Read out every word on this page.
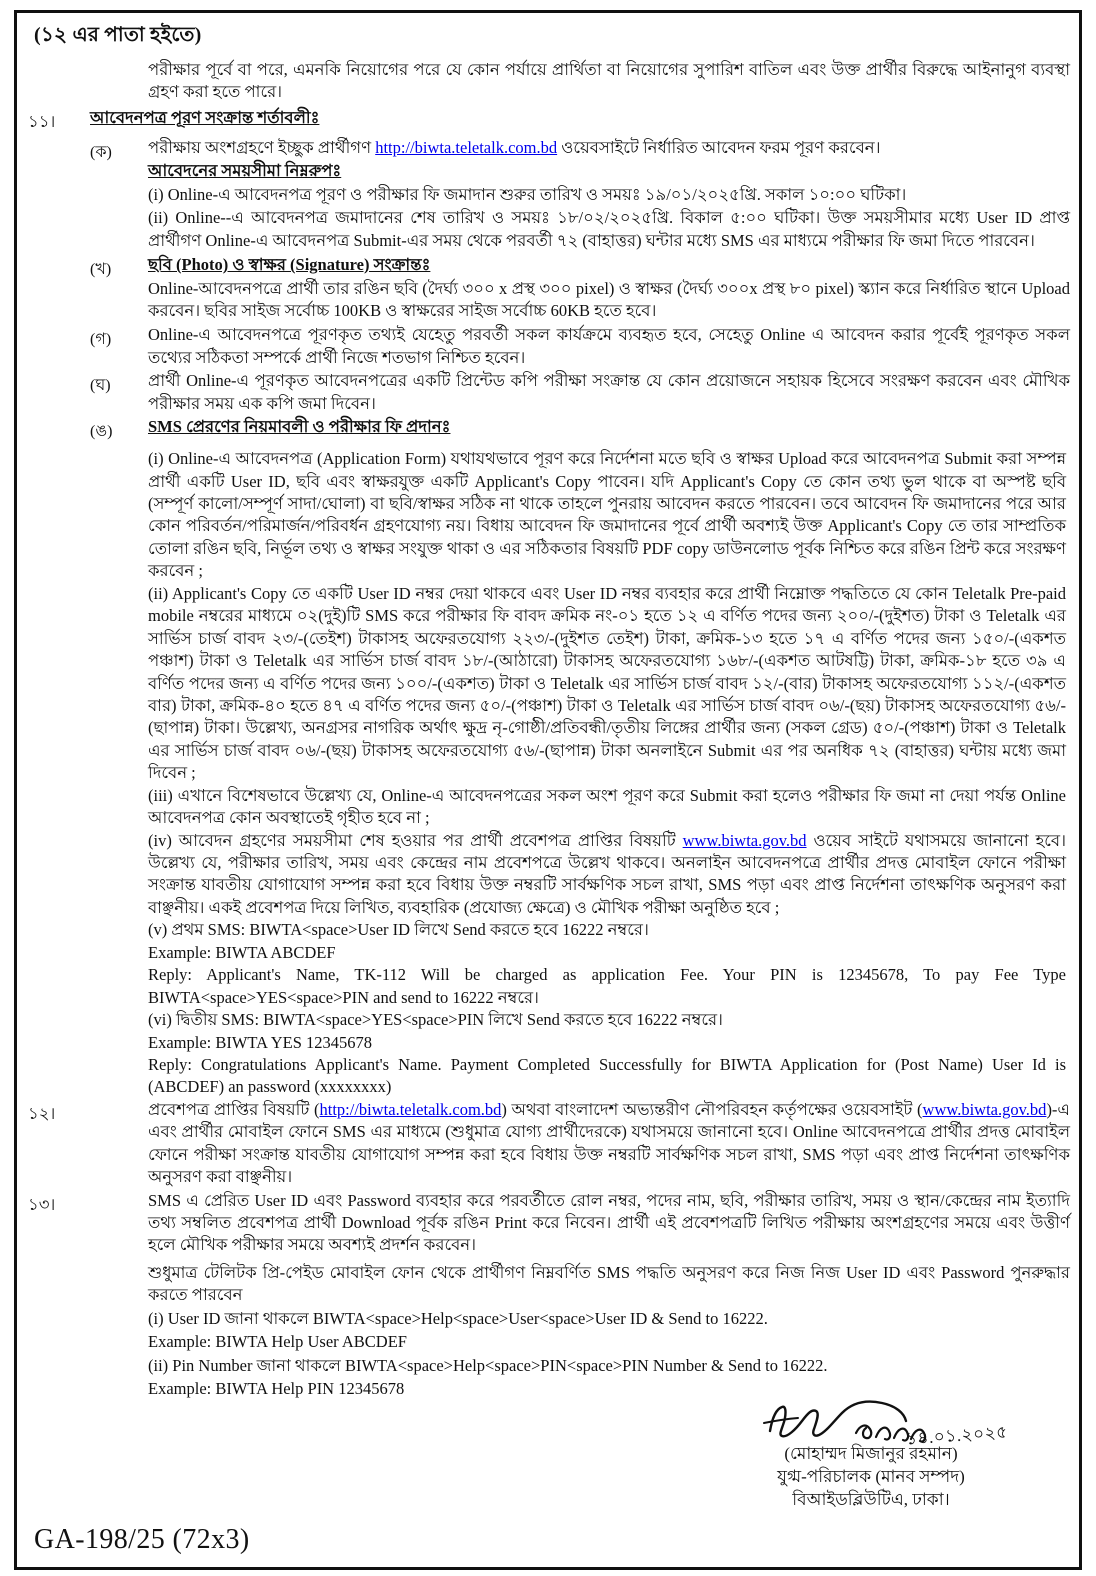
(১২ এর পাতা হইতে)
পরীক্ষার পূর্বে বা পরে, এমনকি নিয়োগের পরে যে কোন পর্যায়ে প্রার্থিতা বা নিয়োগের সুপারিশ বাতিল এবং উক্ত প্রার্থীর বিরুদ্ধে আইনানুগ ব্যবস্থা গ্রহণ করা হতে পারে।
১১।	আবেদনপত্র পূরণ সংক্রান্ত শর্তাবলীঃ
(ক)	পরীক্ষায় অংশগ্রহণে ইচ্ছুক প্রার্থীগণ http://biwta.teletalk.com.bd ওয়েবসাইটে নির্ধারিত আবেদন ফরম পূরণ করবেন।
আবেদনের সময়সীমা নিম্নরুপঃ
(i) Online-এ আবেদনপত্র পূরণ ও পরীক্ষার ফি জমাদান শুরুর তারিখ ও সময়ঃ ১৯/০১/২০২৫খ্রি. সকাল ১০:০০ ঘটিকা।
(ii) Online--এ আবেদনপত্র জমাদানের শেষ তারিখ ও সময়ঃ ১৮/০২/২০২৫খ্রি. বিকাল ৫:০০ ঘটিকা। উক্ত সময়সীমার মধ্যে User ID প্রাপ্ত প্রার্থীগণ Online-এ আবেদনপত্র Submit-এর সময় থেকে পরবর্তী ৭২ (বাহাত্তর) ঘন্টার মধ্যে SMS এর মাধ্যমে পরীক্ষার ফি জমা দিতে পারবেন।
(খ)	ছবি (Photo) ও স্বাক্ষর (Signature) সংক্রান্তঃ
Online-আবেদনপত্রে প্রার্থী তার রঙিন ছবি (দৈর্ঘ্য ৩০০ x প্রস্থ ৩০০ pixel) ও স্বাক্ষর (দৈর্ঘ্য ৩০০x প্রস্থ ৮০ pixel) স্ক্যান করে নির্ধারিত স্থানে Upload করবেন। ছবির সাইজ সর্বোচ্চ 100KB ও স্বাক্ষরের সাইজ সর্বোচ্চ 60KB হতে হবে।
(গ)	Online-এ আবেদনপত্রে পূরণকৃত তথ্যই যেহেতু পরবর্তী সকল কার্যক্রমে ব্যবহৃত হবে, সেহেতু Online এ আবেদন করার পূর্বেই পূরণকৃত সকল তথ্যের সঠিকতা সম্পর্কে প্রার্থী নিজে শতভাগ নিশ্চিত হবেন।
(ঘ)	প্রার্থী Online-এ পূরণকৃত আবেদনপত্রের একটি প্রিন্টেড কপি পরীক্ষা সংক্রান্ত যে কোন প্রয়োজনে সহায়ক হিসেবে সংরক্ষণ করবেন এবং মৌখিক পরীক্ষার সময় এক কপি জমা দিবেন।
(ঙ)	SMS প্রেরণের নিয়মাবলী ও পরীক্ষার ফি প্রদানঃ
(i) Online-এ আবেদনপত্র (Application Form) যথাযথভাবে পূরণ করে নির্দেশনা মতে ছবি ও স্বাক্ষর Upload করে আবেদনপত্র Submit করা সম্পন্ন প্রার্থী একটি User ID, ছবি এবং স্বাক্ষরযুক্ত একটি Applicant's Copy পাবেন। যদি Applicant's Copy তে কোন তথ্য ভুল থাকে বা অস্পষ্ট ছবি (সম্পূর্ণ কালো/সম্পূর্ণ সাদা/ঘোলা) বা ছবি/স্বাক্ষর সঠিক না থাকে তাহলে পুনরায় আবেদন করতে পারবেন। তবে আবেদন ফি জমাদানের পরে আর কোন পরিবর্তন/পরিমার্জন/পরিবর্ধন গ্রহণযোগ্য নয়। বিধায় আবেদন ফি জমাদানের পূর্বে প্রার্থী অবশ্যই উক্ত Applicant's Copy তে তার সাম্প্রতিক তোলা রঙিন ছবি, নির্ভূল তথ্য ও স্বাক্ষর সংযুক্ত থাকা ও এর সঠিকতার বিষয়টি PDF copy ডাউনলোড পূর্বক নিশ্চিত করে রঙিন প্রিন্ট করে সংরক্ষণ করবেন ;
(ii) Applicant's Copy তে একটি User ID নম্বর দেয়া থাকবে এবং User ID নম্বর ব্যবহার করে প্রার্থী নিম্নোক্ত পদ্ধতিতে যে কোন Teletalk Pre-paid mobile নম্বরের মাধ্যমে ০২(দুই)টি SMS করে পরীক্ষার ফি বাবদ ক্রমিক নং-০১ হতে ১২ এ বর্ণিত পদের জন্য ২০০/-(দুইশত) টাকা ও Teletalk এর সার্ভিস চার্জ বাবদ ২৩/-(তেইশ) টাকাসহ অফেরতযোগ্য ২২৩/-(দুইশত তেইশ) টাকা, ক্রমিক-১৩ হতে ১৭ এ বর্ণিত পদের জন্য ১৫০/-(একশত পঞ্চাশ) টাকা ও Teletalk এর সার্ভিস চার্জ বাবদ ১৮/-(আঠারো) টাকাসহ অফেরতযোগ্য ১৬৮/-(একশত আটষট্টি) টাকা, ক্রমিক-১৮ হতে ৩৯ এ বর্ণিত পদের জন্য এ বর্ণিত পদের জন্য ১০০/-(একশত) টাকা ও Teletalk এর সার্ভিস চার্জ বাবদ ১২/-(বার) টাকাসহ অফেরতযোগ্য ১১২/-(একশত বার) টাকা, ক্রমিক-৪০ হতে ৪৭ এ বর্ণিত পদের জন্য ৫০/-(পঞ্চাশ) টাকা ও Teletalk এর সার্ভিস চার্জ বাবদ ০৬/-(ছয়) টাকাসহ অফেরতযোগ্য ৫৬/-(ছাপান্ন) টাকা। উল্লেখ্য, অনগ্রসর নাগরিক অর্থাৎ ক্ষুদ্র নৃ-গোষ্ঠী/প্রতিবন্ধী/তৃতীয় লিঙ্গের প্রার্থীর জন্য (সকল গ্রেড) ৫০/-(পঞ্চাশ) টাকা ও Teletalk এর সার্ভিস চার্জ বাবদ ০৬/-(ছয়) টাকাসহ অফেরতযোগ্য ৫৬/-(ছাপান্ন) টাকা অনলাইনে Submit এর পর অনধিক ৭২ (বাহাত্তর) ঘন্টায় মধ্যে জমা দিবেন ;
(iii) এখানে বিশেষভাবে উল্লেখ্য যে, Online-এ আবেদনপত্রের সকল অংশ পূরণ করে Submit করা হলেও পরীক্ষার ফি জমা না দেয়া পর্যন্ত Online আবেদনপত্র কোন অবস্থাতেই গৃহীত হবে না ;
(iv) আবেদন গ্রহণের সময়সীমা শেষ হওয়ার পর প্রার্থী প্রবেশপত্র প্রাপ্তির বিষয়টি www.biwta.gov.bd ওয়েব সাইটে যথাসময়ে জানানো হবে। উল্লেখ্য যে, পরীক্ষার তারিখ, সময় এবং কেন্দ্রের নাম প্রবেশপত্রে উল্লেখ থাকবে। অনলাইন আবেদনপত্রে প্রার্থীর প্রদত্ত মোবাইল ফোনে পরীক্ষা সংক্রান্ত যাবতীয় যোগাযোগ সম্পন্ন করা হবে বিধায় উক্ত নম্বরটি সার্বক্ষণিক সচল রাখা, SMS পড়া এবং প্রাপ্ত নির্দেশনা তাৎক্ষণিক অনুসরণ করা বাঞ্ছনীয়। একই প্রবেশপত্র দিয়ে লিখিত, ব্যবহারিক (প্রযোজ্য ক্ষেত্রে) ও মৌখিক পরীক্ষা অনুষ্ঠিত হবে ;
(v) প্রথম SMS: BIWTA<space>User ID লিখে Send করতে হবে 16222 নম্বরে।
Example: BIWTA ABCDEF
Reply: Applicant's Name, TK-112 Will be charged as application Fee. Your PIN is 12345678, To pay Fee Type BIWTA<space>YES<space>PIN and send to 16222 নম্বরে।
(vi) দ্বিতীয় SMS: BIWTA<space>YES<space>PIN লিখে Send করতে হবে 16222 নম্বরে।
Example: BIWTA YES 12345678
Reply: Congratulations Applicant's Name. Payment Completed Successfully for BIWTA Application for (Post Name) User Id is (ABCDEF) an password (xxxxxxxx)
১২।	প্রবেশপত্র প্রাপ্তির বিষয়টি (http://biwta.teletalk.com.bd) অথবা বাংলাদেশ অভ্যন্তরীণ নৌপরিবহন কর্তৃপক্ষের ওয়েবসাইট (www.biwta.gov.bd)-এ এবং প্রার্থীর মোবাইল ফোনে SMS এর মাধ্যমে (শুধুমাত্র যোগ্য প্রার্থীদেরকে) যথাসময়ে জানানো হবে। Online আবেদনপত্রে প্রার্থীর প্রদত্ত মোবাইল ফোনে পরীক্ষা সংক্রান্ত যাবতীয় যোগাযোগ সম্পন্ন করা হবে বিধায় উক্ত নম্বরটি সার্বক্ষণিক সচল রাখা, SMS পড়া এবং প্রাপ্ত নির্দেশনা তাৎক্ষণিক অনুসরণ করা বাঞ্ছনীয়।
১৩।	SMS এ প্রেরিত User ID এবং Password ব্যবহার করে পরবর্তীতে রোল নম্বর, পদের নাম, ছবি, পরীক্ষার তারিখ, সময় ও স্থান/কেন্দ্রের নাম ইত্যাদি তথ্য সম্বলিত প্রবেশপত্র প্রার্থী Download পূর্বক রঙিন Print করে নিবেন। প্রার্থী এই প্রবেশপত্রটি লিখিত পরীক্ষায় অংশগ্রহণের সময়ে এবং উত্তীর্ণ হলে মৌখিক পরীক্ষার সময়ে অবশ্যই প্রদর্শন করবেন।
শুধুমাত্র টেলিটক প্রি-পেইড মোবাইল ফোন থেকে প্রার্থীগণ নিম্নবর্ণিত SMS পদ্ধতি অনুসরণ করে নিজ নিজ User ID এবং Password পুনরুদ্ধার করতে পারবেন
(i) User ID জানা থাকলে BIWTA<space>Help<space>User<space>User ID & Send to 16222.
Example: BIWTA Help User ABCDEF
(ii) Pin Number জানা থাকলে BIWTA<space>Help<space>PIN<space>PIN Number & Send to 16222.
Example: BIWTA Help PIN 12345678
১৪.০১.২০২৫
(মোহাম্মদ মিজানুর রহমান)
যুগ্ম-পরিচালক (মানব সম্পদ)
বিআইডব্লিউটিএ, ঢাকা।
GA-198/25 (72x3)
